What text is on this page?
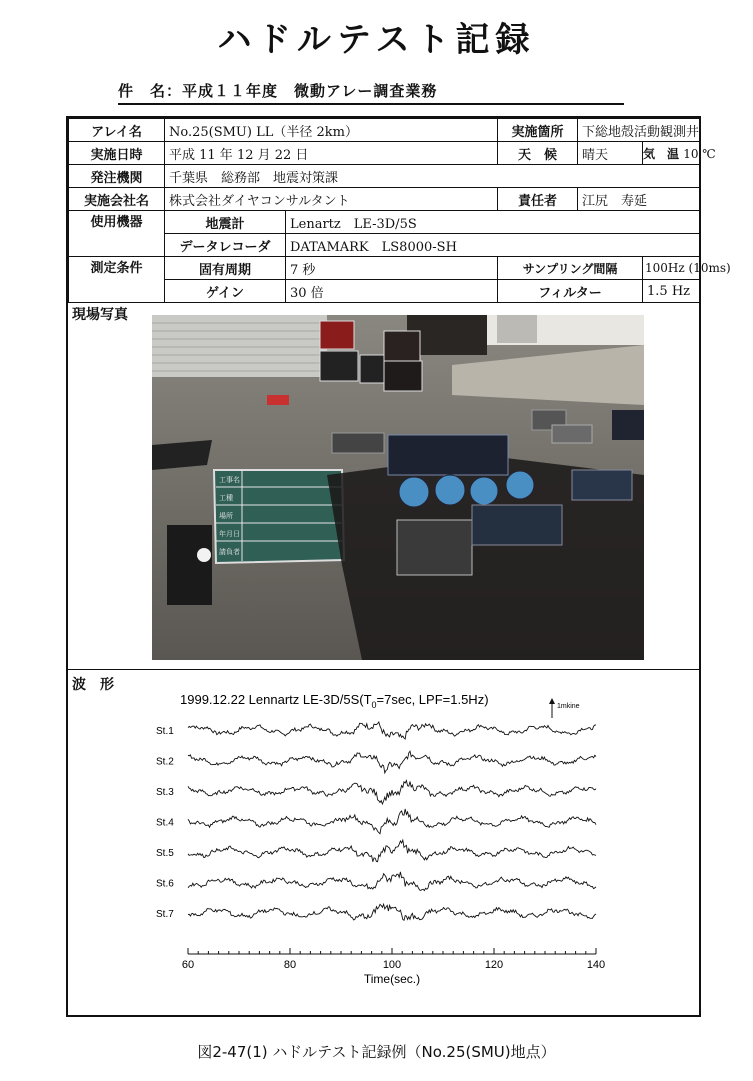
ハドルテスト記録
件　名：平成１１年度　微動アレー調査業務
アレイ名	No.25(SMU) LL（半径 2km）		実施箇所	下総地殻活動観測井	
実施日時	平成 11 年 12 月 22 日		天　候	晴天	気　温 10 ℃
発注機関	千葉県　総務部　地震対策課				
実施会社名	株式会社ダイヤコンサルタント		責任者	江尻　寿延	
使用機器	地震計	Lenartz　LE-3D/5S			
	データレコーダ	DATAMARK　LS8000-SH			
測定条件	固有周期	7 秒	サンプリング間隔		100Hz (10ms)
	ゲイン	30 倍	フィルター		1.5 Hz
現場写真
工事名
工種
場所
年月日
請負者
波　形
1999.12.22 Lennartz $LE-3D/5S(T_0=7\sec$, LPF=1.5Hz)	1mkine
St.1
St.2
St.3
St.4
St.5
St.6
St.7
60	80	100	120	140
Time(sec.)
図2-47(1) ハドルテスト記録例（No.25(SMU)地点）
